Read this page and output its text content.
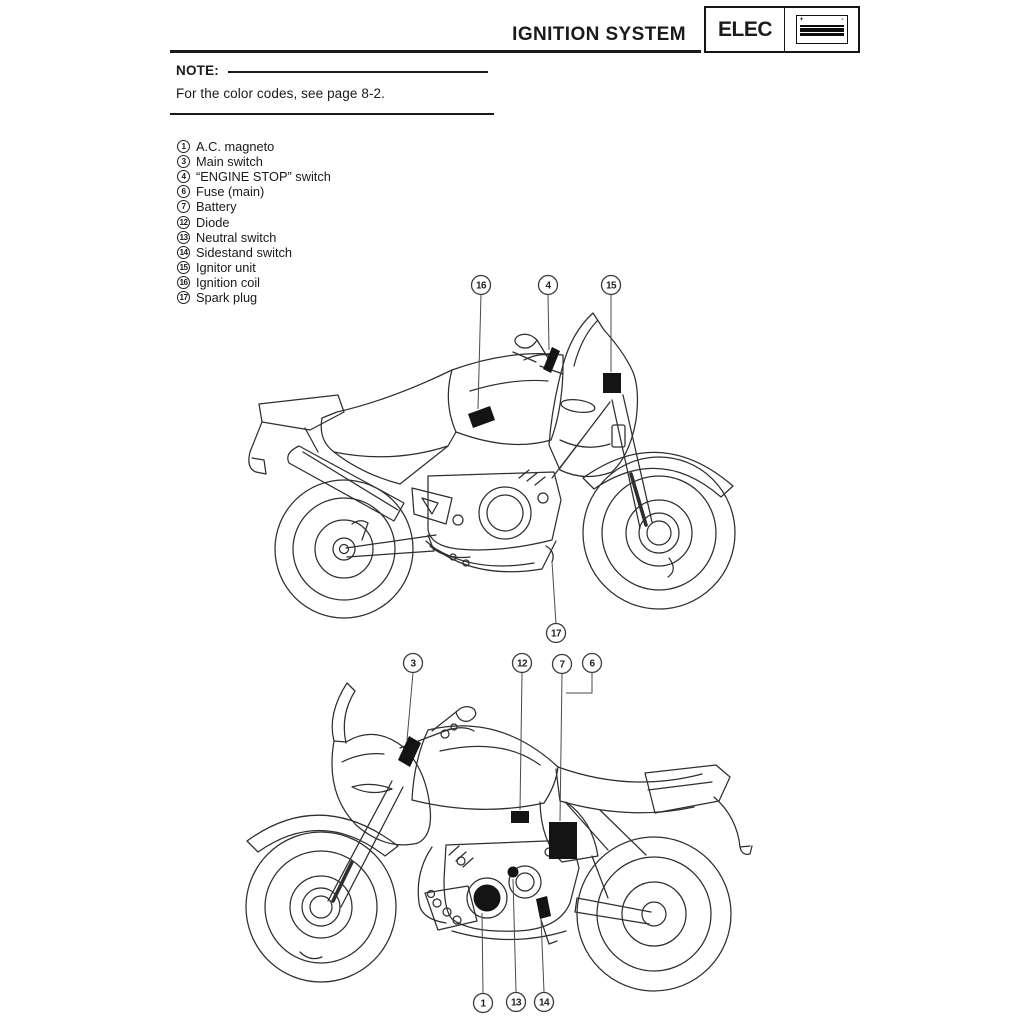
IGNITION SYSTEM	ELEC	+	-
NOTE:
For the color codes, see page 8-2.
1 A.C. magneto
3 Main switch
4 “ENGINE STOP” switch
6 Fuse (main)
7 Battery
12 Diode
13 Neutral switch
14 Sidestand switch
15 Ignitor unit
16 Ignition coil
17 Spark plug
16	4	15
17
3	12	7	6
1	13 14
